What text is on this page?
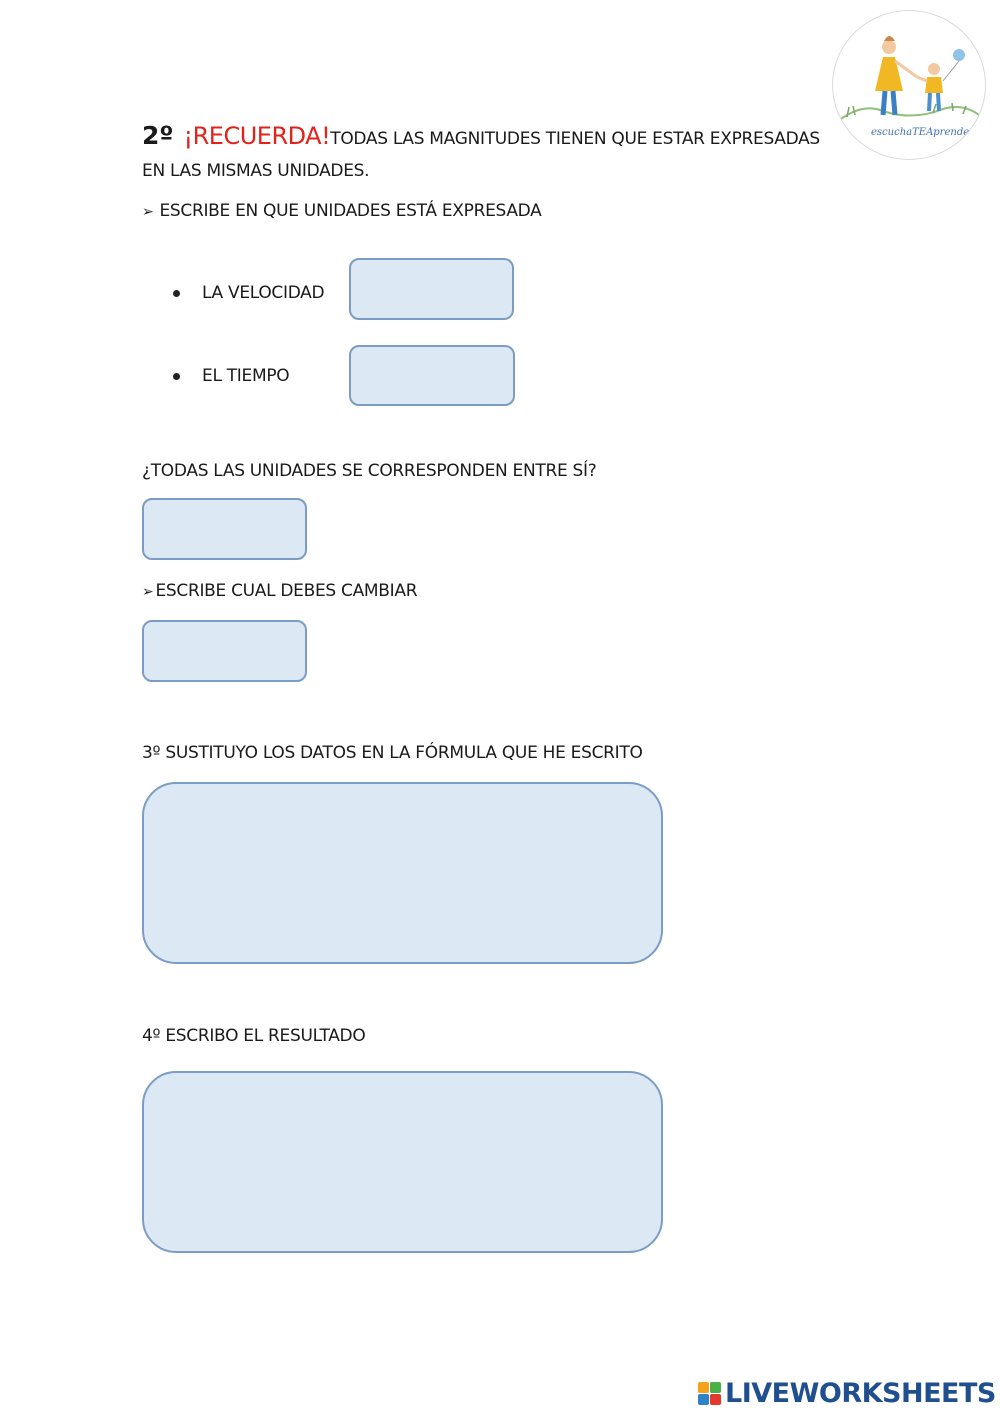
escuchaTEAprender
2º ¡RECUERDA!TODAS LAS MAGNITUDES TIENEN QUE ESTAR EXPRESADAS
EN LAS MISMAS UNIDADES.
➢ ESCRIBE EN QUE UNIDADES ESTÁ EXPRESADA
LA VELOCIDAD
EL TIEMPO
¿TODAS LAS UNIDADES SE CORRESPONDEN ENTRE SÍ?
➢ ESCRIBE CUAL DEBES CAMBIAR
3º SUSTITUYO LOS DATOS EN LA FÓRMULA QUE HE ESCRITO
4º ESCRIBO EL RESULTADO
LIVEWORKSHEETS
